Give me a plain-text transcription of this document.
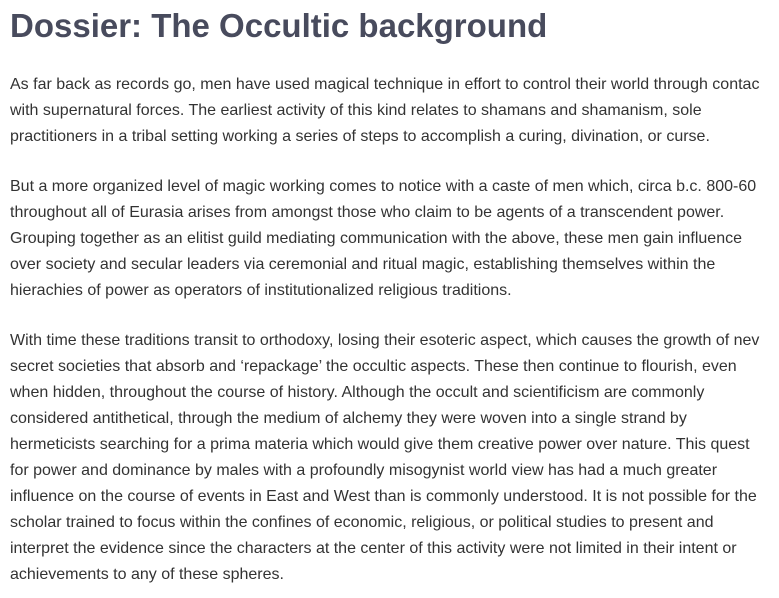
Dossier: The Occultic background

As far back as records go, men have used magical technique in effort to control their world through contac
with supernatural forces. The earliest activity of this kind relates to shamans and shamanism, sole
practitioners in a tribal setting working a series of steps to accomplish a curing, divination, or curse.

But a more organized level of magic working comes to notice with a caste of men which, circa b.c. 800-60
throughout all of Eurasia arises from amongst those who claim to be agents of a transcendent power.
Grouping together as an elitist guild mediating communication with the above, these men gain influence
over society and secular leaders via ceremonial and ritual magic, establishing themselves within the
hierachies of power as operators of institutionalized religious traditions.

With time these traditions transit to orthodoxy, losing their esoteric aspect, which causes the growth of nev
secret societies that absorb and ‘repackage’ the occultic aspects. These then continue to flourish, even
when hidden, throughout the course of history. Although the occult and scientificism are commonly
considered antithetical, through the medium of alchemy they were woven into a single strand by
hermeticists searching for a prima materia which would give them creative power over nature. This quest
for power and dominance by males with a profoundly misogynist world view has had a much greater
influence on the course of events in East and West than is commonly understood. It is not possible for the
scholar trained to focus within the confines of economic, religious, or political studies to present and
interpret the evidence since the characters at the center of this activity were not limited in their intent or
achievements to any of these spheres.
